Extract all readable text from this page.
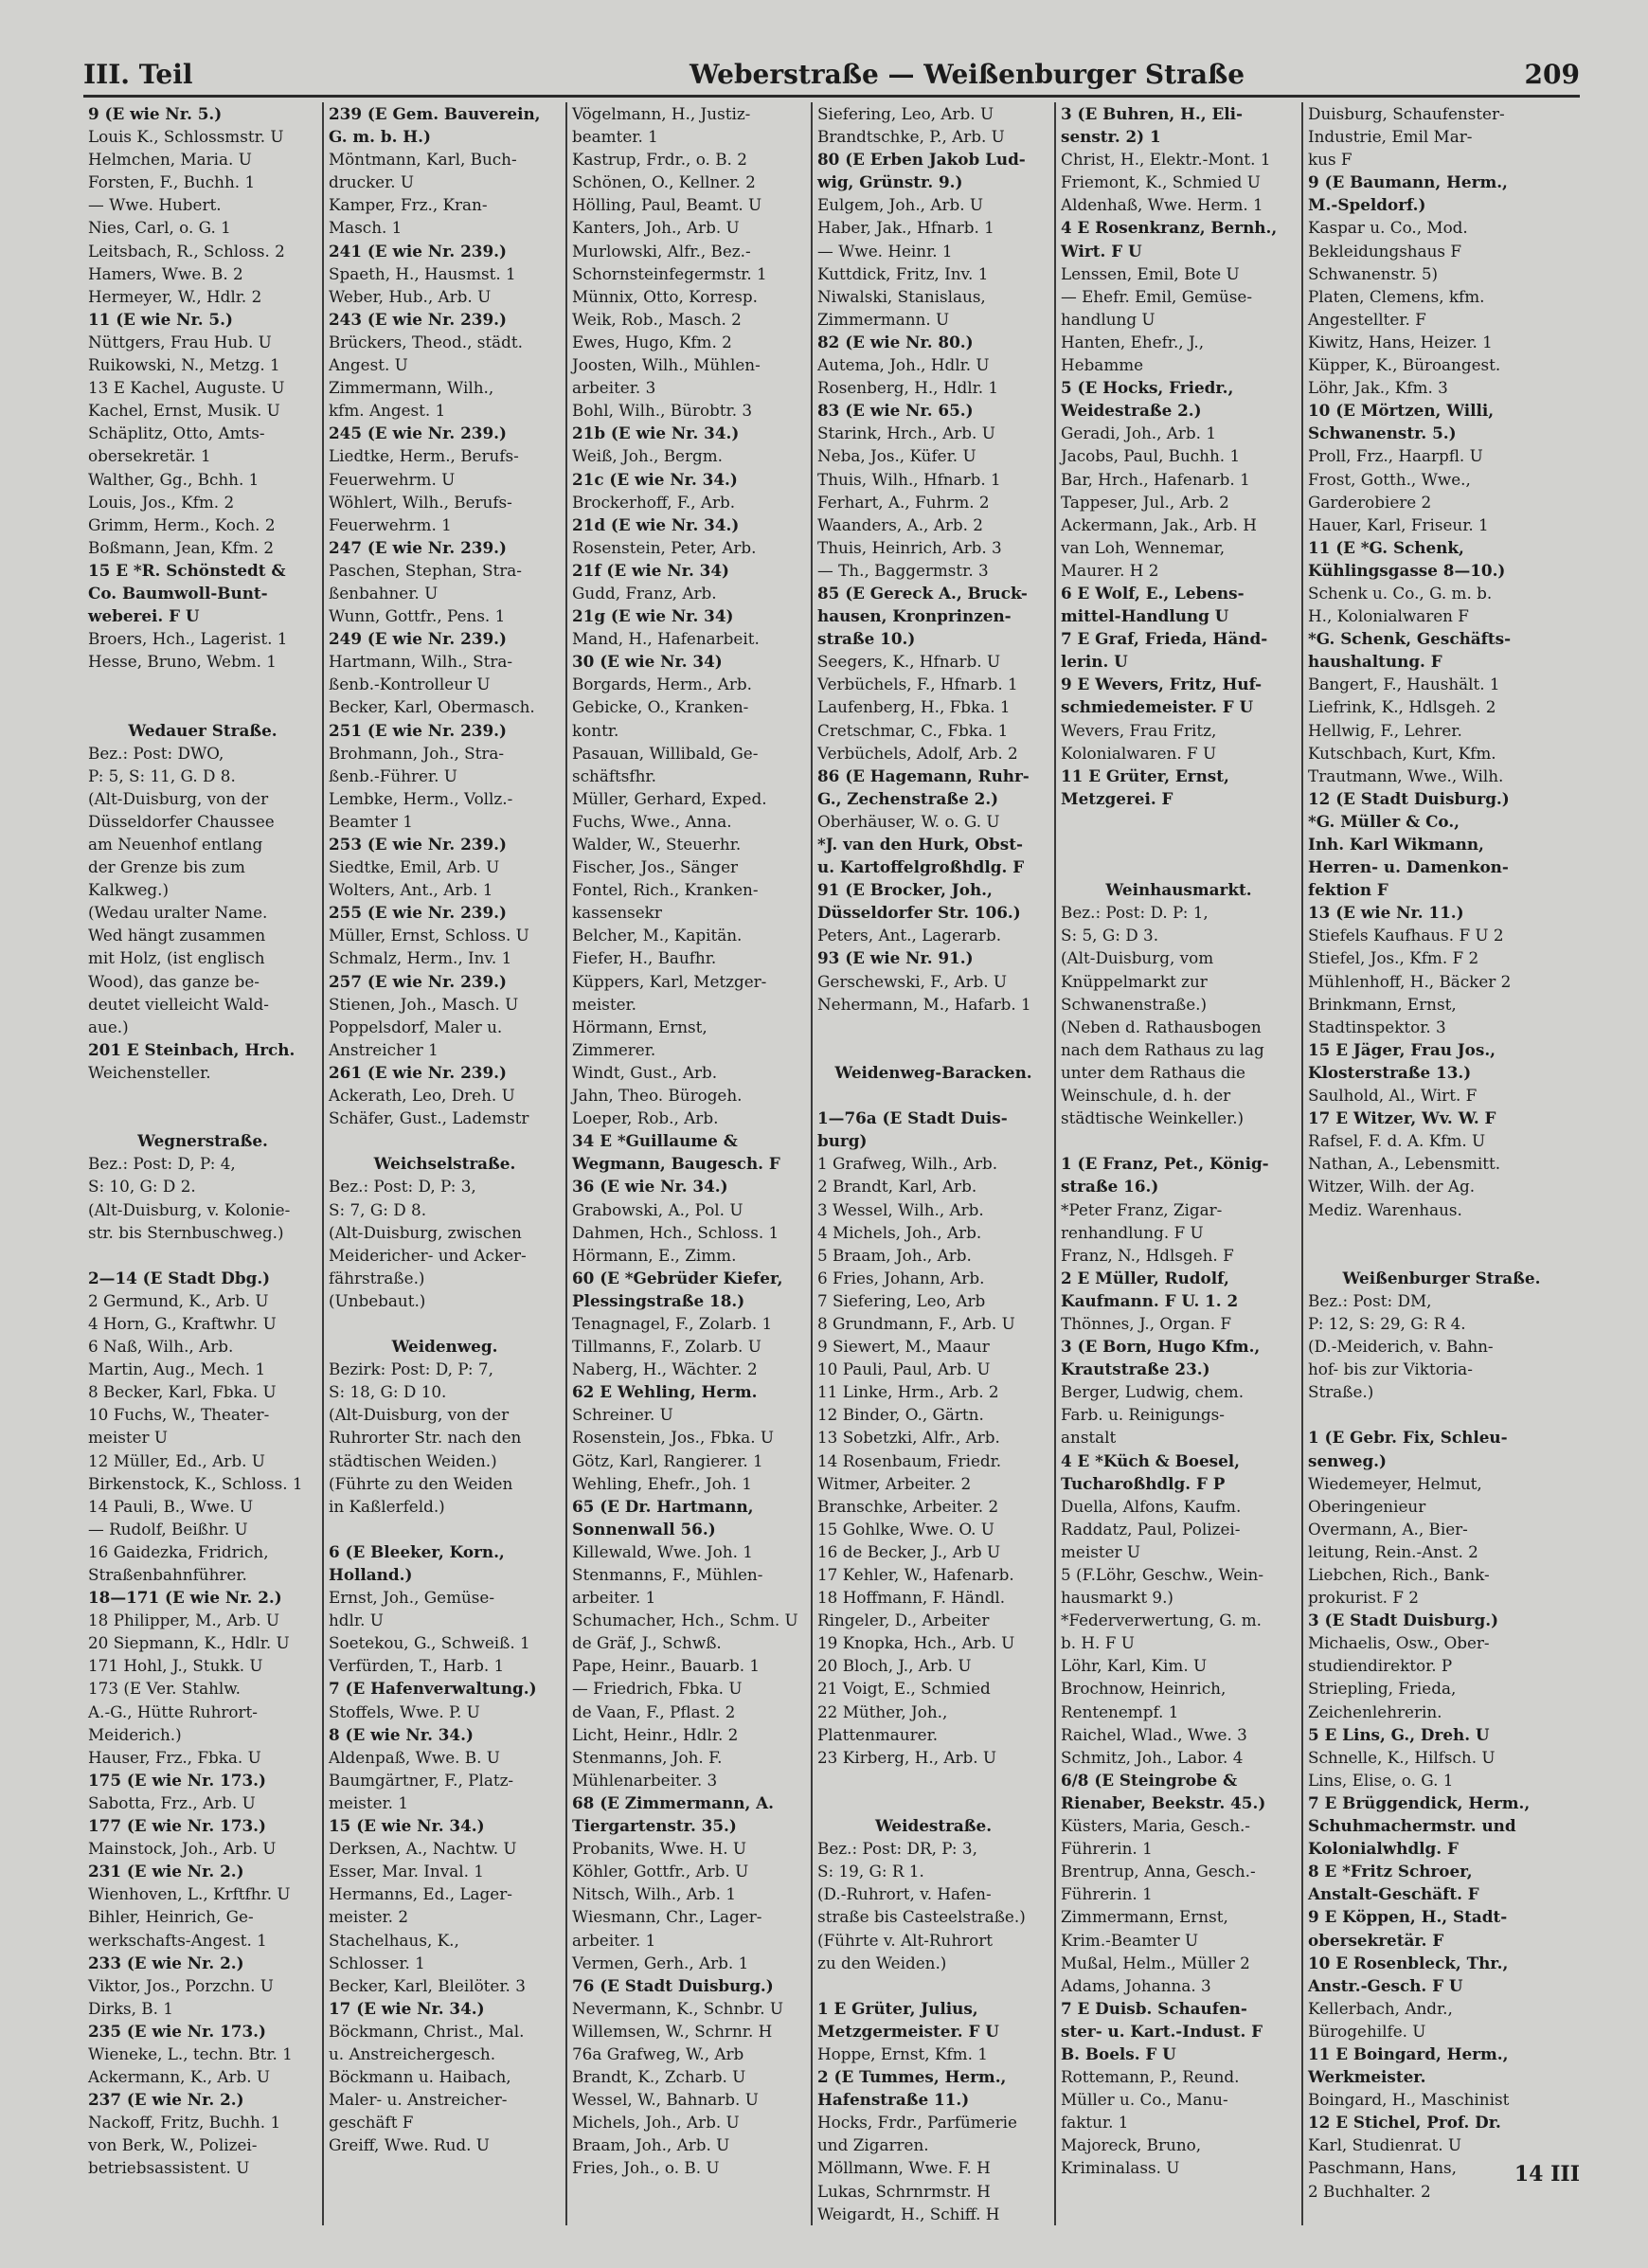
III. Teil	Weberstraße — Weißenburger Straße	209
9 (E wie Nr. 5.)
Louis K., Schlossmstr. U
Helmchen, Maria. U
Forsten, F., Buchh. 1
— Wwe. Hubert.
Nies, Carl, o. G. 1
Leitsbach, R., Schloss. 2
Hamers, Wwe. B. 2
Hermeyer, W., Hdlr. 2
11 (E wie Nr. 5.)
Nüttgers, Frau Hub. U
Ruikowski, N., Metzg. 1
13 E Kachel, Auguste. U
Kachel, Ernst, Musik. U
Schäplitz, Otto, Amts-
obersekretär. 1
Walther, Gg., Bchh. 1
Louis, Jos., Kfm. 2
Grimm, Herm., Koch. 2
Boßmann, Jean, Kfm. 2
15 E *R. Schönstedt &
Co. Baumwoll-Bunt-
weberei. F U
Broers, Hch., Lagerist. 1
Hesse, Bruno, Webm. 1
Wedauer Straße.
Bez.: Post: DWO,
P: 5, S: 11, G. D 8.
(Alt-Duisburg, von der
Düsseldorfer Chaussee
am Neuenhof entlang
der Grenze bis zum
Kalkweg.)
(Wedau uralter Name.
Wed hängt zusammen
mit Holz, (ist englisch
Wood), das ganze be-
deutet vielleicht Wald-
aue.)
201 E Steinbach, Hrch.
Weichensteller.
Wegnerstraße.
Bez.: Post: D, P: 4,
S: 10, G: D 2.
(Alt-Duisburg, v. Kolonie-
str. bis Sternbuschweg.)
2—14 (E Stadt Dbg.)
2 Germund, K., Arb. U
4 Horn, G., Kraftwhr. U
6 Naß, Wilh., Arb.
Martin, Aug., Mech. 1
8 Becker, Karl, Fbka. U
10 Fuchs, W., Theater-
meister U
12 Müller, Ed., Arb. U
Birkenstock, K., Schloss. 1
14 Pauli, B., Wwe. U
— Rudolf, Beißhr. U
16 Gaidezka, Fridrich,
Straßenbahnführer.
18—171 (E wie Nr. 2.)
18 Philipper, M., Arb. U
20 Siepmann, K., Hdlr. U
171 Hohl, J., Stukk. U
173 (E Ver. Stahlw.
A.-G., Hütte Ruhrort-
Meiderich.)
Hauser, Frz., Fbka. U
175 (E wie Nr. 173.)
Sabotta, Frz., Arb. U
177 (E wie Nr. 173.)
Mainstock, Joh., Arb. U
231 (E wie Nr. 2.)
Wienhoven, L., Krftfhr. U
Bihler, Heinrich, Ge-
werkschafts-Angest. 1
233 (E wie Nr. 2.)
Viktor, Jos., Porzchn. U
Dirks, B. 1
235 (E wie Nr. 173.)
Wieneke, L., techn. Btr. 1
Ackermann, K., Arb. U
237 (E wie Nr. 2.)
Nackoff, Fritz, Buchh. 1
von Berk, W., Polizei-
betriebsassistent. U
239 (E Gem. Bauverein,
G. m. b. H.)
Möntmann, Karl, Buch-
drucker. U
Kamper, Frz., Kran-
Masch. 1
241 (E wie Nr. 239.)
Spaeth, H., Hausmst. 1
Weber, Hub., Arb. U
243 (E wie Nr. 239.)
Brückers, Theod., städt.
Angest. U
Zimmermann, Wilh.,
kfm. Angest. 1
245 (E wie Nr. 239.)
Liedtke, Herm., Berufs-
Feuerwehrm. U
Wöhlert, Wilh., Berufs-
Feuerwehrm. 1
247 (E wie Nr. 239.)
Paschen, Stephan, Stra-
ßenbahner. U
Wunn, Gottfr., Pens. 1
249 (E wie Nr. 239.)
Hartmann, Wilh., Stra-
ßenb.-Kontrolleur U
Becker, Karl, Obermasch.
251 (E wie Nr. 239.)
Brohmann, Joh., Stra-
ßenb.-Führer. U
Lembke, Herm., Vollz.-
Beamter 1
253 (E wie Nr. 239.)
Siedtke, Emil, Arb. U
Wolters, Ant., Arb. 1
255 (E wie Nr. 239.)
Müller, Ernst, Schloss. U
Schmalz, Herm., Inv. 1
257 (E wie Nr. 239.)
Stienen, Joh., Masch. U
Poppelsdorf, Maler u.
Anstreicher 1
261 (E wie Nr. 239.)
Ackerath, Leo, Dreh. U
Schäfer, Gust., Lademstr
Weichselstraße.
Bez.: Post: D, P: 3,
S: 7, G: D 8.
(Alt-Duisburg, zwischen
Meidericher- und Acker-
fährstraße.)
(Unbebaut.)
Weidenweg.
Bezirk: Post: D, P: 7,
S: 18, G: D 10.
(Alt-Duisburg, von der
Ruhrorter Str. nach den
städtischen Weiden.)
(Führte zu den Weiden
in Kaßlerfeld.)
6 (E Bleeker, Korn.,
Holland.)
Ernst, Joh., Gemüse-
hdlr. U
Soetekou, G., Schweiß. 1
Verfürden, T., Harb. 1
7 (E Hafenverwaltung.)
Stoffels, Wwe. P. U
8 (E wie Nr. 34.)
Aldenpaß, Wwe. B. U
Baumgärtner, F., Platz-
meister. 1
15 (E wie Nr. 34.)
Derksen, A., Nachtw. U
Esser, Mar. Inval. 1
Hermanns, Ed., Lager-
meister. 2
Stachelhaus, K.,
Schlosser. 1
Becker, Karl, Bleilöter. 3
17 (E wie Nr. 34.)
Böckmann, Christ., Mal.
u. Anstreichergesch.
Böckmann u. Haibach,
Maler- u. Anstreicher-
geschäft F
Greiff, Wwe. Rud. U
Vögelmann, H., Justiz-
beamter. 1
Kastrup, Frdr., o. B. 2
Schönen, O., Kellner. 2
Hölling, Paul, Beamt. U
Kanters, Joh., Arb. U
Murlowski, Alfr., Bez.-
Schornsteinfegermstr. 1
Münnix, Otto, Korresp.
Weik, Rob., Masch. 2
Ewes, Hugo, Kfm. 2
Joosten, Wilh., Mühlen-
arbeiter. 3
Bohl, Wilh., Bürobtr. 3
21b (E wie Nr. 34.)
Weiß, Joh., Bergm.
21c (E wie Nr. 34.)
Brockerhoff, F., Arb.
21d (E wie Nr. 34.)
Rosenstein, Peter, Arb.
21f (E wie Nr. 34)
Gudd, Franz, Arb.
21g (E wie Nr. 34)
Mand, H., Hafenarbeit.
30 (E wie Nr. 34)
Borgards, Herm., Arb.
Gebicke, O., Kranken-
kontr.
Pasauan, Willibald, Ge-
schäftsfhr.
Müller, Gerhard, Exped.
Fuchs, Wwe., Anna.
Walder, W., Steuerhr.
Fischer, Jos., Sänger
Fontel, Rich., Kranken-
kassensekr
Belcher, M., Kapitän.
Fiefer, H., Baufhr.
Küppers, Karl, Metzger-
meister.
Hörmann, Ernst,
Zimmerer.
Windt, Gust., Arb.
Jahn, Theo. Bürogeh.
Loeper, Rob., Arb.
34 E *Guillaume &
Wegmann, Baugesch. F
36 (E wie Nr. 34.)
Grabowski, A., Pol. U
Dahmen, Hch., Schloss. 1
Hörmann, E., Zimm.
60 (E *Gebrüder Kiefer,
Plessingstraße 18.)
Tenagnagel, F., Zolarb. 1
Tillmanns, F., Zolarb. U
Naberg, H., Wächter. 2
62 E Wehling, Herm.
Schreiner. U
Rosenstein, Jos., Fbka. U
Götz, Karl, Rangierer. 1
Wehling, Ehefr., Joh. 1
65 (E Dr. Hartmann,
Sonnenwall 56.)
Killewald, Wwe. Joh. 1
Stenmanns, F., Mühlen-
arbeiter. 1
Schumacher, Hch., Schm. U
de Gräf, J., Schwß.
Pape, Heinr., Bauarb. 1
— Friedrich, Fbka. U
de Vaan, F., Pflast. 2
Licht, Heinr., Hdlr. 2
Stenmanns, Joh. F.
Mühlenarbeiter. 3
68 (E Zimmermann, A.
Tiergartenstr. 35.)
Probanits, Wwe. H. U
Köhler, Gottfr., Arb. U
Nitsch, Wilh., Arb. 1
Wiesmann, Chr., Lager-
arbeiter. 1
Vermen, Gerh., Arb. 1
76 (E Stadt Duisburg.)
Nevermann, K., Schnbr. U
Willemsen, W., Schrnr. H
76a Grafweg, W., Arb
Brandt, K., Zcharb. U
Wessel, W., Bahnarb. U
Michels, Joh., Arb. U
Braam, Joh., Arb. U
Fries, Joh., o. B. U
Siefering, Leo, Arb. U
Brandtschke, P., Arb. U
80 (E Erben Jakob Lud-
wig, Grünstr. 9.)
Eulgem, Joh., Arb. U
Haber, Jak., Hfnarb. 1
— Wwe. Heinr. 1
Kuttdick, Fritz, Inv. 1
Niwalski, Stanislaus,
Zimmermann. U
82 (E wie Nr. 80.)
Autema, Joh., Hdlr. U
Rosenberg, H., Hdlr. 1
83 (E wie Nr. 65.)
Starink, Hrch., Arb. U
Neba, Jos., Küfer. U
Thuis, Wilh., Hfnarb. 1
Ferhart, A., Fuhrm. 2
Waanders, A., Arb. 2
Thuis, Heinrich, Arb. 3
— Th., Baggermstr. 3
85 (E Gereck A., Bruck-
hausen, Kronprinzen-
straße 10.)
Seegers, K., Hfnarb. U
Verbüchels, F., Hfnarb. 1
Laufenberg, H., Fbka. 1
Cretschmar, C., Fbka. 1
Verbüchels, Adolf, Arb. 2
86 (E Hagemann, Ruhr-
G., Zechenstraße 2.)
Oberhäuser, W. o. G. U
*J. van den Hurk, Obst-
u. Kartoffelgroßhdlg. F
91 (E Brocker, Joh.,
Düsseldorfer Str. 106.)
Peters, Ant., Lagerarb.
93 (E wie Nr. 91.)
Gerschewski, F., Arb. U
Nehermann, M., Hafarb. 1
Weidenweg-Baracken.
1—76a (E Stadt Duis-
burg)
1 Grafweg, Wilh., Arb.
2 Brandt, Karl, Arb.
3 Wessel, Wilh., Arb.
4 Michels, Joh., Arb.
5 Braam, Joh., Arb.
6 Fries, Johann, Arb.
7 Siefering, Leo, Arb
8 Grundmann, F., Arb. U
9 Siewert, M., Maaur
10 Pauli, Paul, Arb. U
11 Linke, Hrm., Arb. 2
12 Binder, O., Gärtn.
13 Sobetzki, Alfr., Arb.
14 Rosenbaum, Friedr.
Witmer, Arbeiter. 2
Branschke, Arbeiter. 2
15 Gohlke, Wwe. O. U
16 de Becker, J., Arb U
17 Kehler, W., Hafenarb.
18 Hoffmann, F. Händl.
Ringeler, D., Arbeiter
19 Knopka, Hch., Arb. U
20 Bloch, J., Arb. U
21 Voigt, E., Schmied
22 Müther, Joh.,
Plattenmaurer.
23 Kirberg, H., Arb. U
Weidestraße.
Bez.: Post: DR, P: 3,
S: 19, G: R 1.
(D.-Ruhrort, v. Hafen-
straße bis Casteelstraße.)
(Führte v. Alt-Ruhrort
zu den Weiden.)
1 E Grüter, Julius,
Metzgermeister. F U
Hoppe, Ernst, Kfm. 1
2 (E Tummes, Herm.,
Hafenstraße 11.)
Hocks, Frdr., Parfümerie
und Zigarren.
Möllmann, Wwe. F. H
Lukas, Schrnrmstr. H
Weigardt, H., Schiff. H
3 (E Buhren, H., Eli-
senstr. 2) 1
Christ, H., Elektr.-Mont. 1
Friemont, K., Schmied U
Aldenhaß, Wwe. Herm. 1
4 E Rosenkranz, Bernh.,
Wirt. F U
Lenssen, Emil, Bote U
— Ehefr. Emil, Gemüse-
handlung U
Hanten, Ehefr., J.,
Hebamme
5 (E Hocks, Friedr.,
Weidestraße 2.)
Geradi, Joh., Arb. 1
Jacobs, Paul, Buchh. 1
Bar, Hrch., Hafenarb. 1
Tappeser, Jul., Arb. 2
Ackermann, Jak., Arb. H
van Loh, Wennemar,
Maurer. H 2
6 E Wolf, E., Lebens-
mittel-Handlung U
7 E Graf, Frieda, Händ-
lerin. U
9 E Wevers, Fritz, Huf-
schmiedemeister. F U
Wevers, Frau Fritz,
Kolonialwaren. F U
11 E Grüter, Ernst,
Metzgerei. F
Weinhausmarkt.
Bez.: Post: D. P: 1,
S: 5, G: D 3.
(Alt-Duisburg, vom
Knüppelmarkt zur
Schwanenstraße.)
(Neben d. Rathausbogen
nach dem Rathaus zu lag
unter dem Rathaus die
Weinschule, d. h. der
städtische Weinkeller.)
1 (E Franz, Pet., König-
straße 16.)
*Peter Franz, Zigar-
renhandlung. F U
Franz, N., Hdlsgeh. F
2 E Müller, Rudolf,
Kaufmann. F U. 1. 2
Thönnes, J., Organ. F
3 (E Born, Hugo Kfm.,
Krautstraße 23.)
Berger, Ludwig, chem.
Farb. u. Reinigungs-
anstalt
4 E *Küch & Boesel,
Tucharoßhdlg. F P
Duella, Alfons, Kaufm.
Raddatz, Paul, Polizei-
meister U
5 (F.Löhr, Geschw., Wein-
hausmarkt 9.)
*Federverwertung, G. m.
b. H. F U
Löhr, Karl, Kim. U
Brochnow, Heinrich,
Rentenempf. 1
Raichel, Wlad., Wwe. 3
Schmitz, Joh., Labor. 4
6/8 (E Steingrobe &
Rienaber, Beekstr. 45.)
Küsters, Maria, Gesch.-
Führerin. 1
Brentrup, Anna, Gesch.-
Führerin. 1
Zimmermann, Ernst,
Krim.-Beamter U
Mußal, Helm., Müller 2
Adams, Johanna. 3
7 E Duisb. Schaufen-
ster- u. Kart.-Indust. F
B. Boels. F U
Rottemann, P., Reund.
Müller u. Co., Manu-
faktur. 1
Majoreck, Bruno,
Kriminalass. U
Duisburg, Schaufenster-
Industrie, Emil Mar-
kus F
9 (E Baumann, Herm.,
M.-Speldorf.)
Kaspar u. Co., Mod.
Bekleidungshaus F
Schwanenstr. 5)
Platen, Clemens, kfm.
Angestellter. F
Kiwitz, Hans, Heizer. 1
Küpper, K., Büroangest.
Löhr, Jak., Kfm. 3
10 (E Mörtzen, Willi,
Schwanenstr. 5.)
Proll, Frz., Haarpfl. U
Frost, Gotth., Wwe.,
Garderobiere 2
Hauer, Karl, Friseur. 1
11 (E *G. Schenk,
Kühlingsgasse 8—10.)
Schenk u. Co., G. m. b.
H., Kolonialwaren F
*G. Schenk, Geschäfts-
haushaltung. F
Bangert, F., Haushält. 1
Liefrink, K., Hdlsgeh. 2
Hellwig, F., Lehrer.
Kutschbach, Kurt, Kfm.
Trautmann, Wwe., Wilh.
12 (E Stadt Duisburg.)
*G. Müller & Co.,
Inh. Karl Wikmann,
Herren- u. Damenkon-
fektion F
13 (E wie Nr. 11.)
Stiefels Kaufhaus. F U 2
Stiefel, Jos., Kfm. F 2
Mühlenhoff, H., Bäcker 2
Brinkmann, Ernst,
Stadtinspektor. 3
15 E Jäger, Frau Jos.,
Klosterstraße 13.)
Saulhold, Al., Wirt. F
17 E Witzer, Wv. W. F
Rafsel, F. d. A. Kfm. U
Nathan, A., Lebensmitt.
Witzer, Wilh. der Ag.
Mediz. Warenhaus.
Weißenburger Straße.
Bez.: Post: DM,
P: 12, S: 29, G: R 4.
(D.-Meiderich, v. Bahn-
hof- bis zur Viktoria-
Straße.)
1 (E Gebr. Fix, Schleu-
senweg.)
Wiedemeyer, Helmut,
Oberingenieur
Overmann, A., Bier-
leitung, Rein.-Anst. 2
Liebchen, Rich., Bank-
prokurist. F 2
3 (E Stadt Duisburg.)
Michaelis, Osw., Ober-
studiendirektor. P
Striepling, Frieda,
Zeichenlehrerin.
5 E Lins, G., Dreh. U
Schnelle, K., Hilfsch. U
Lins, Elise, o. G. 1
7 E Brüggendick, Herm.,
Schuhmachermstr. und
Kolonialwhdlg. F
8 E *Fritz Schroer,
Anstalt-Geschäft. F
9 E Köppen, H., Stadt-
obersekretär. F
10 E Rosenbleck, Thr.,
Anstr.-Gesch. F U
Kellerbach, Andr.,
Bürogehilfe. U
11 E Boingard, Herm.,
Werkmeister.
Boingard, H., Maschinist
12 E Stichel, Prof. Dr.
Karl, Studienrat. U
Paschmann, Hans,
2 Buchhalter. 2
14 III
